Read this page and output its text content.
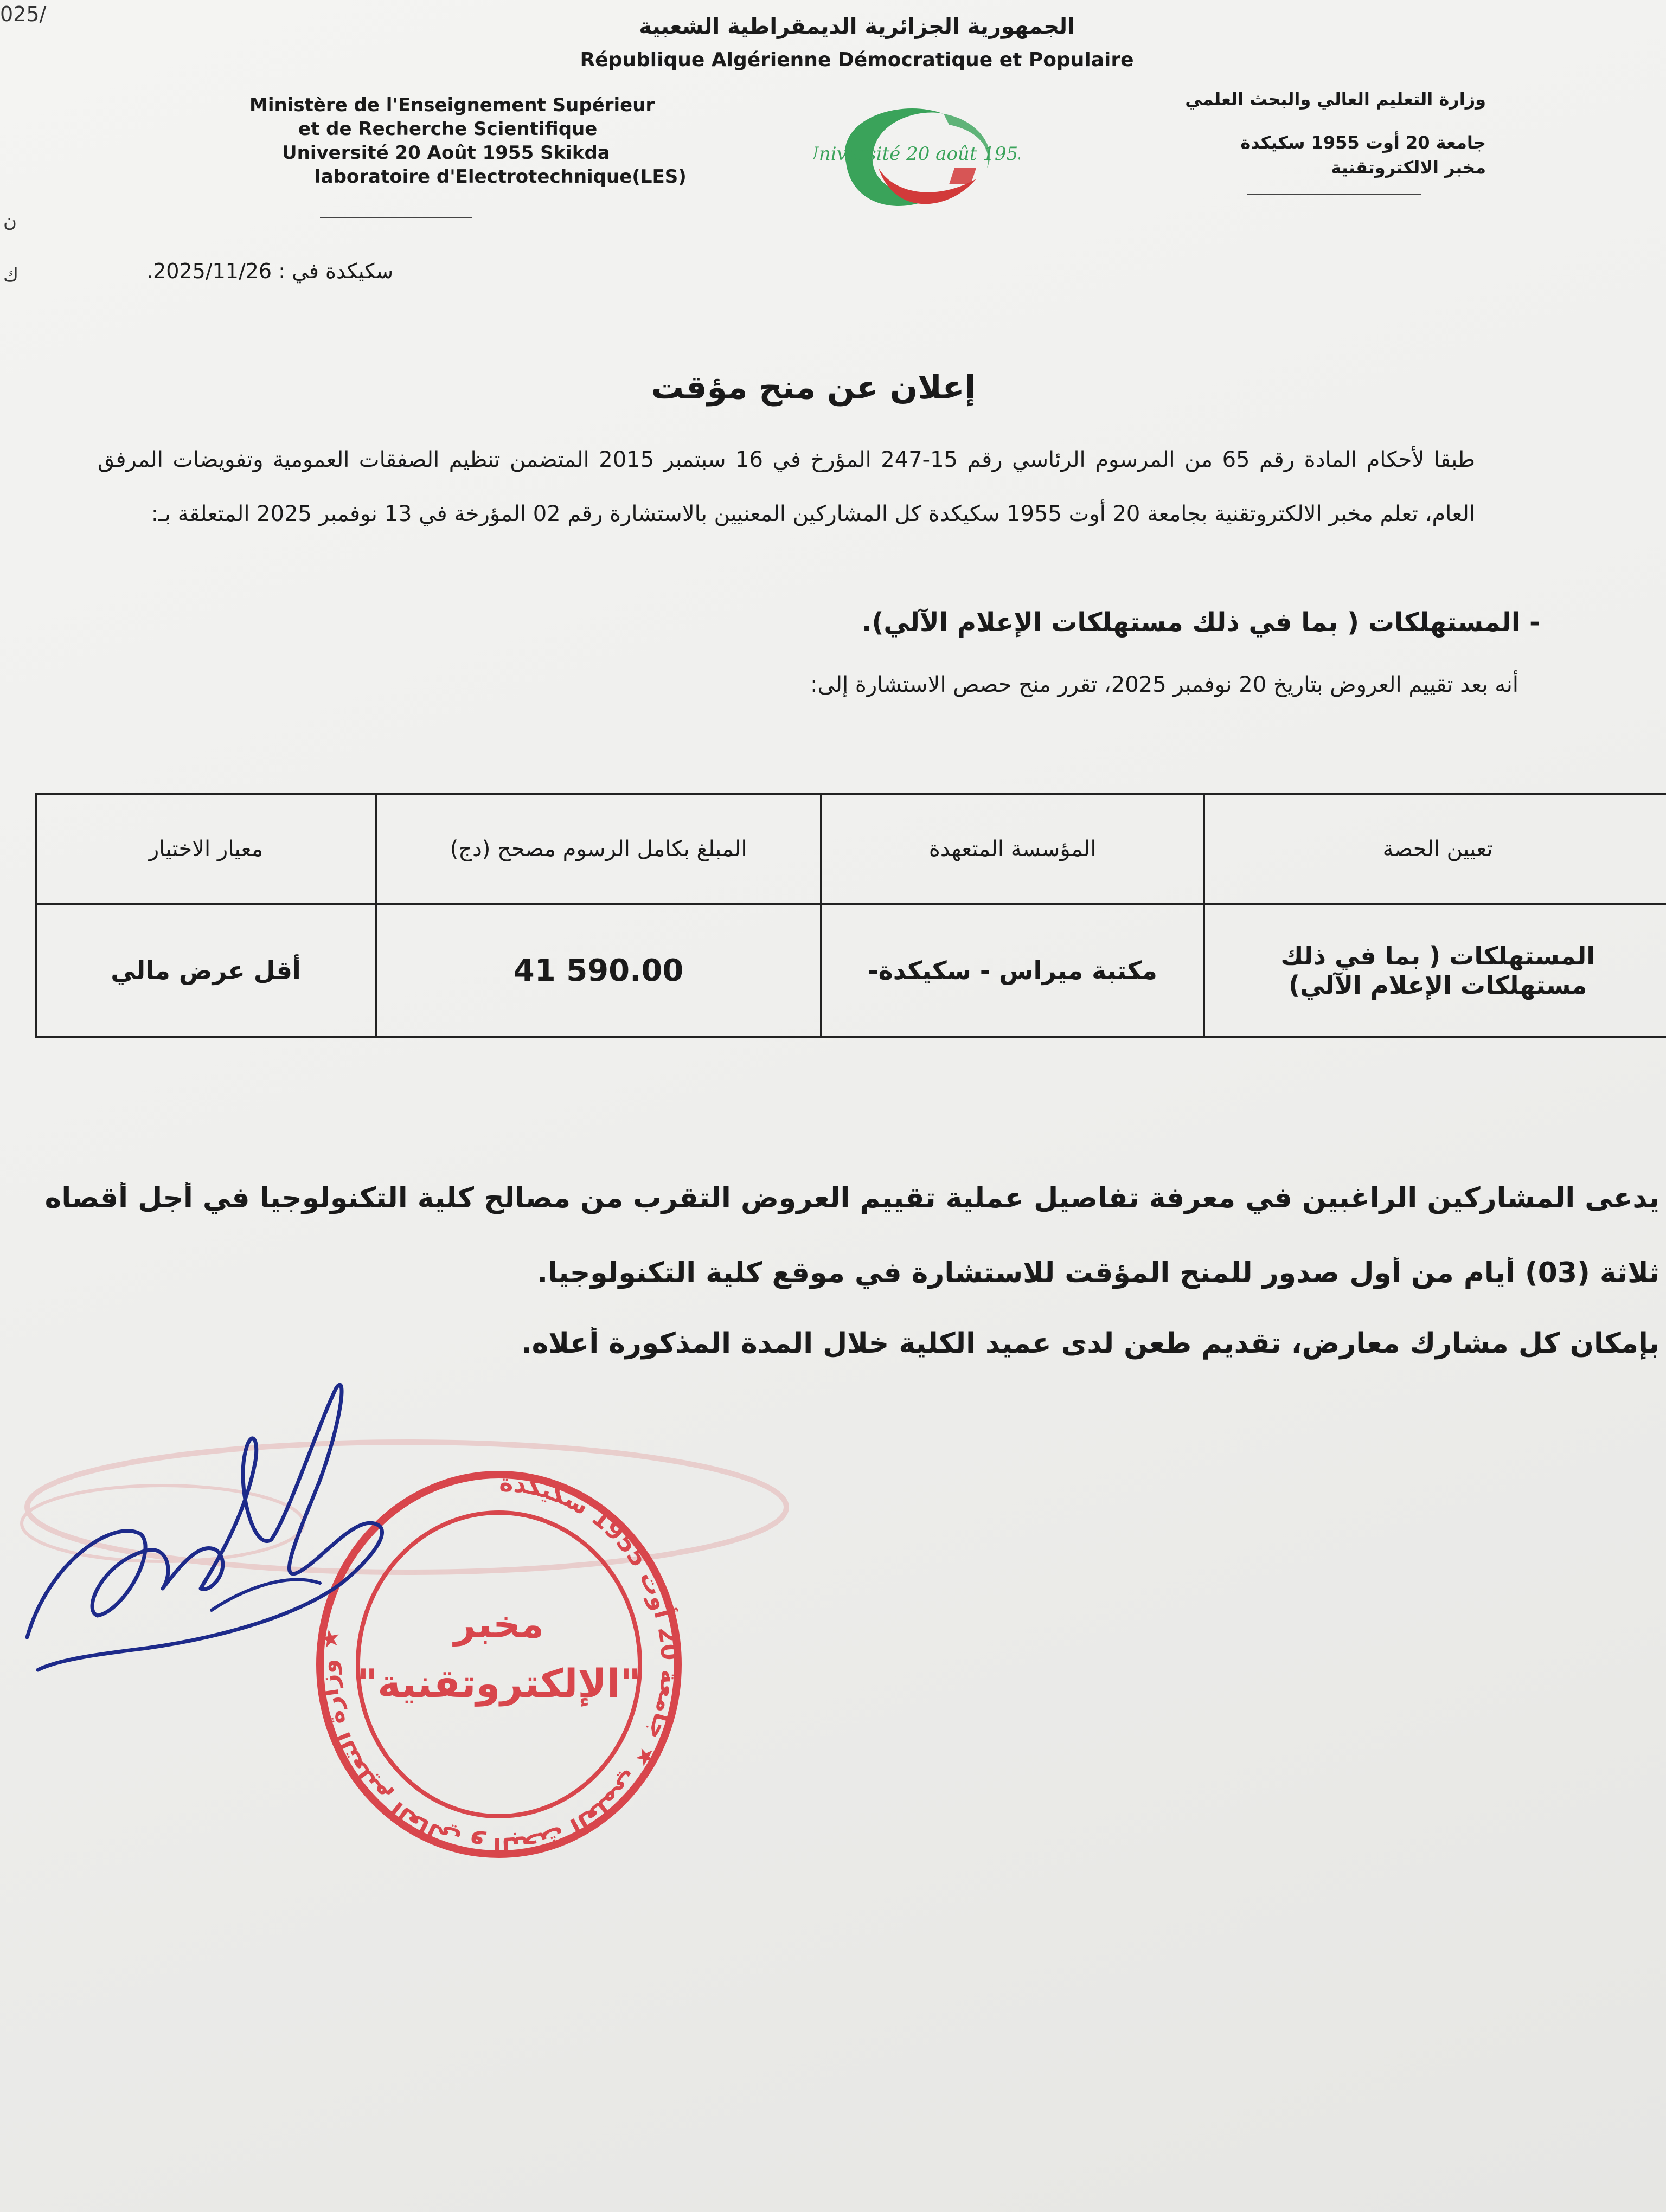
025/
ن
ك
الجمهورية الجزائرية الديمقراطية الشعبية
République Algérienne Démocratique et Populaire
Ministère de l'Enseignement Supérieur
et de Recherche Scientifique
Université 20 Août 1955 Skikda
laboratoire d'Electrotechnique(LES)
وزارة التعليم العالي والبحث العلمي
جامعة 20 أوت 1955 سكيكدة
مخبر الالكتروتقنية
Université 20 août 1955
سكيكدة في : 2025/11/26.
إعلان عن منح مؤقت
طبقا لأحكام المادة رقم 65 من المرسوم الرئاسي رقم 15-247 المؤرخ في 16 سبتمبر 2015 المتضمن تنظيم الصفقات العمومية وتفويضات المرفق العام، تعلم مخبر الالكتروتقنية بجامعة 20 أوت 1955 سكيكدة كل المشاركين المعنيين بالاستشارة رقم 02 المؤرخة في 13 نوفمبر 2025 المتعلقة بـ:
- المستهلكات ( بما في ذلك مستهلكات الإعلام الآلي).
أنه بعد تقييم العروض بتاريخ 20 نوفمبر 2025، تقرر منح حصص الاستشارة إلى:
تعيين الحصة	المؤسسة المتعهدة	المبلغ بكامل الرسوم مصحح (دج)	معيار الاختيار
المستهلكات ( بما في ذلك مستهلكات الإعلام الآلي)	مكتبة ميراس - سكيكدة-	41 590.00	أقل عرض مالي
يدعى المشاركين الراغبين في معرفة تفاصيل عملية تقييم العروض التقرب من مصالح كلية التكنولوجيا في أجل أقصاه
ثلاثة (03) أيام من أول صدور للمنح المؤقت للاستشارة في موقع كلية التكنولوجيا.
بإمكان كل مشارك معارض، تقديم طعن لدى عميد الكلية خلال المدة المذكورة أعلاه.
وزارة التعليم العالي و البحث العلمي ★ جامعة 20 أوت 1955 سكيكدة ★	مخبر
"الإلكتروتقنية"
